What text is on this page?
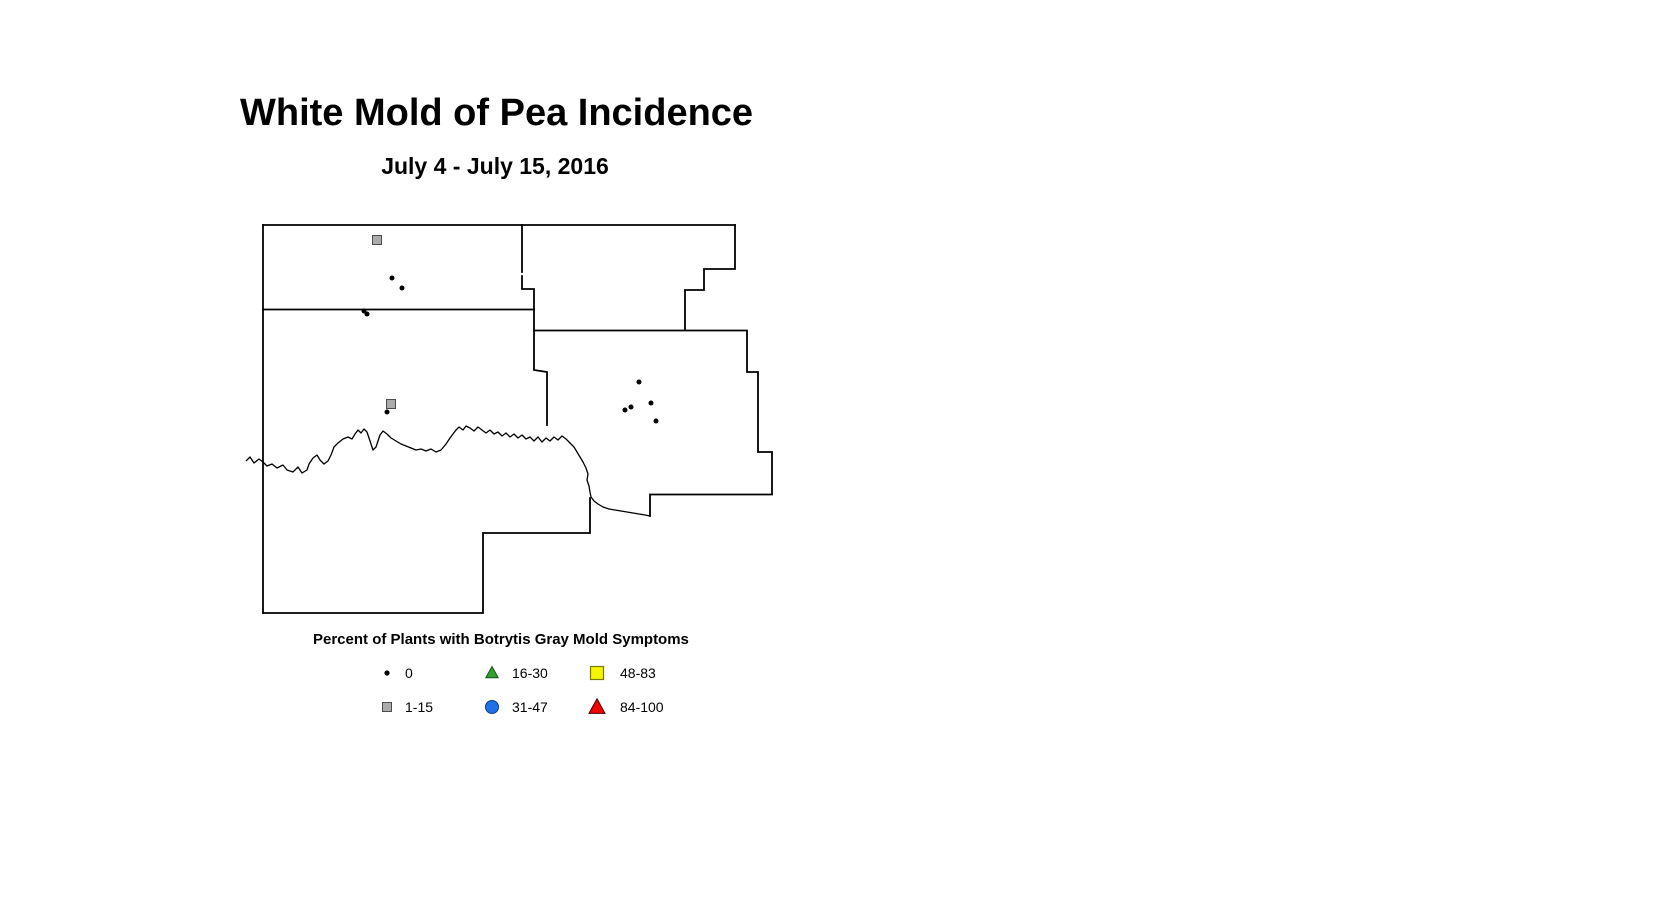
White Mold of Pea Incidence
July 4 - July 15, 2016
Percent of Plants with Botrytis Gray Mold Symptoms
0	16-30	48-83
1-15	31-47	84-100
